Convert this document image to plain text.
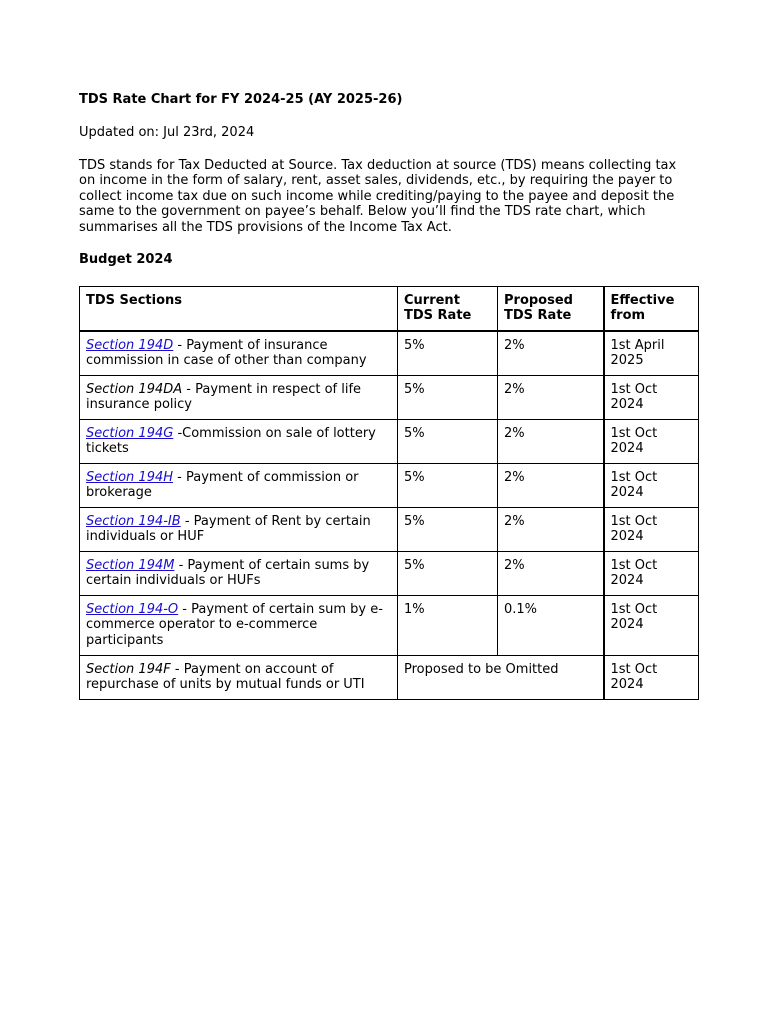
TDS Rate Chart for FY 2024-25 (AY 2025-26)
Updated on: Jul 23rd, 2024
TDS stands for Tax Deducted at Source. Tax deduction at source (TDS) means collecting tax on income in the form of salary, rent, asset sales, dividends, etc., by requiring the payer to collect income tax due on such income while crediting/paying to the payee and deposit the same to the government on payee’s behalf. Below you’ll find the TDS rate chart, which summarises all the TDS provisions of the Income Tax Act.
Budget 2024
TDS Sections	Current TDS Rate	Proposed TDS Rate	Effective from
Section 194D - Payment of insurance commission in case of other than company	5%	2%	1st April 2025
Section 194DA - Payment in respect of life insurance policy	5%	2%	1st Oct 2024
Section 194G -Commission on sale of lottery tickets	5%	2%	1st Oct 2024
Section 194H - Payment of commission or brokerage	5%	2%	1st Oct 2024
Section 194-IB - Payment of Rent by certain individuals or HUF	5%	2%	1st Oct 2024
Section 194M - Payment of certain sums by certain individuals or HUFs	5%	2%	1st Oct 2024
Section 194-O - Payment of certain sum by e-commerce operator to e-commerce participants	1%	0.1%	1st Oct 2024
Section 194F - Payment on account of repurchase of units by mutual funds or UTI	Proposed to be Omitted		1st Oct 2024
